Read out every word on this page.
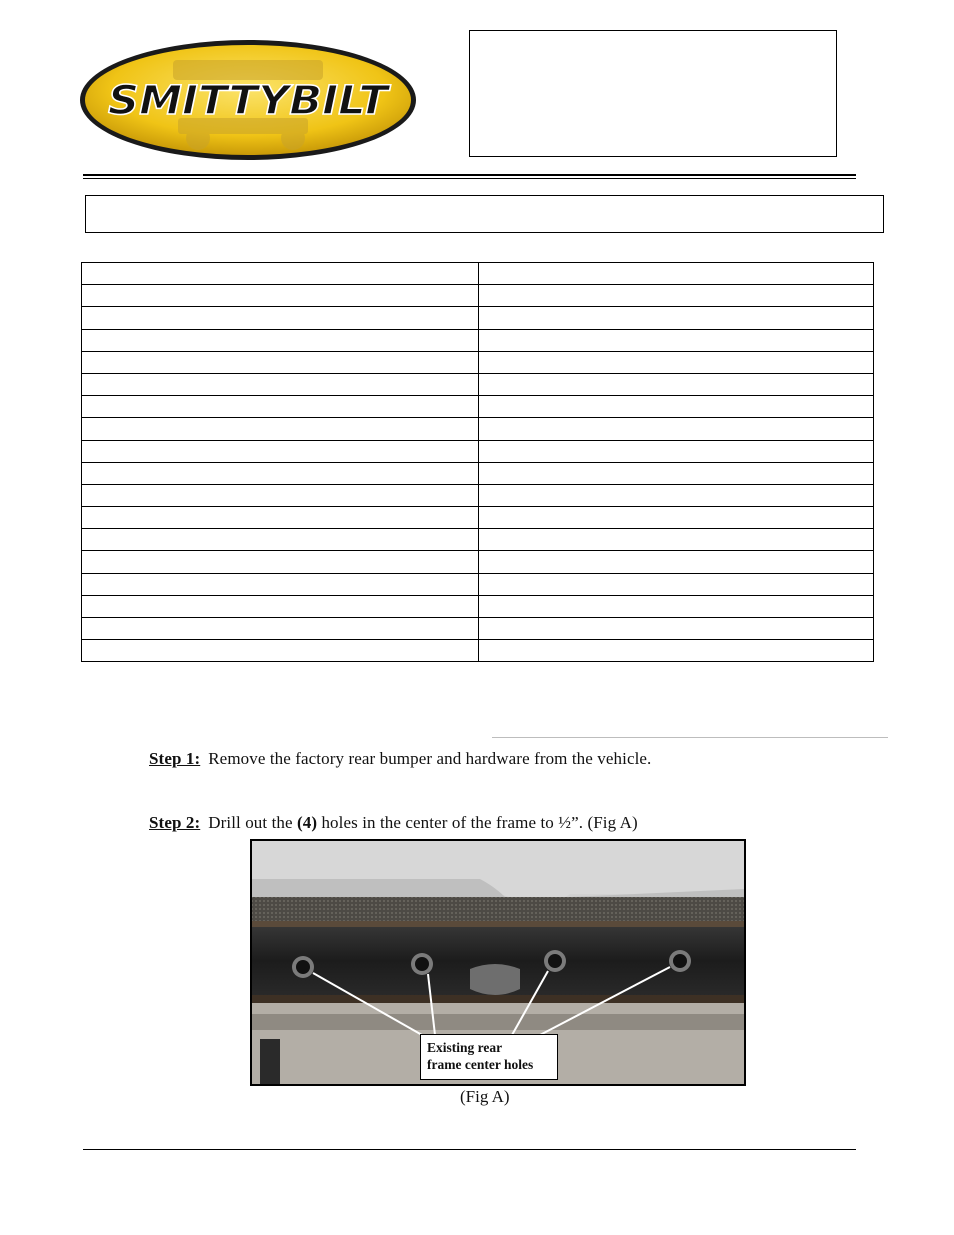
SMITTYBILT

Step 1: Remove the factory rear bumper and hardware from the vehicle.
Step 2: Drill out the (4) holes in the center of the frame to ½”. (Fig A)
Existing rear
frame center holes
(Fig A)
